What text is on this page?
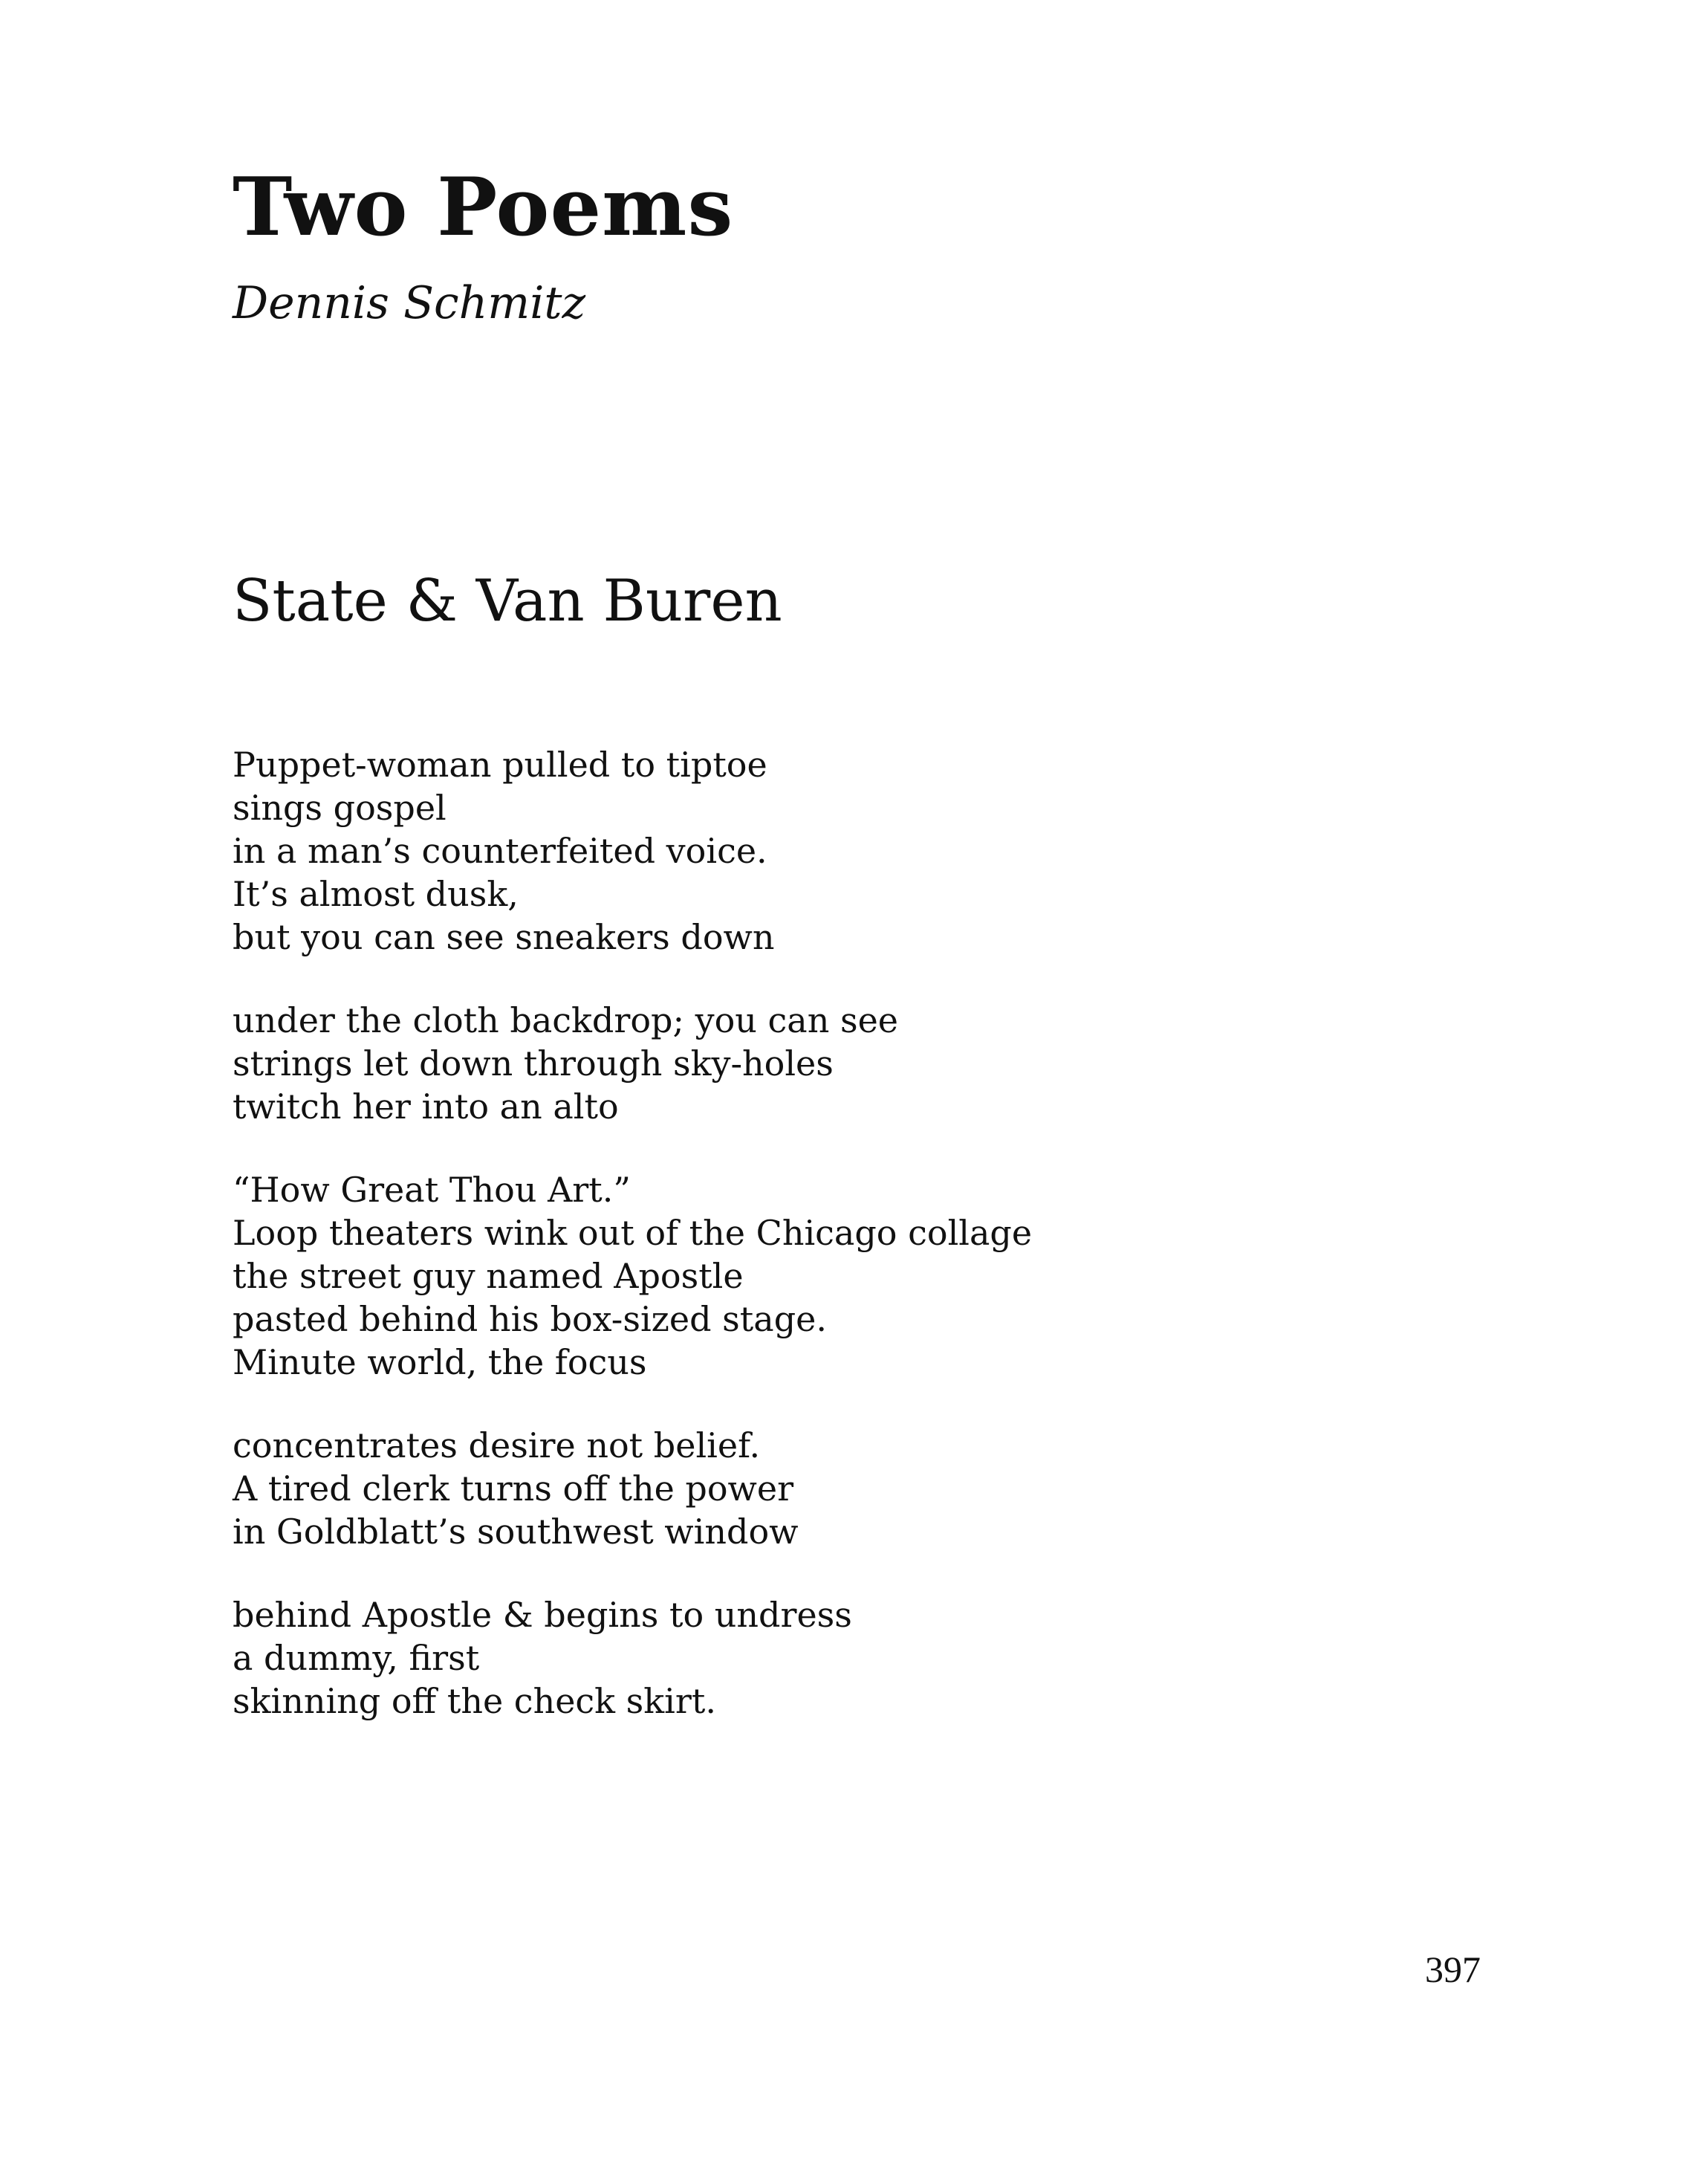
Two Poems
Dennis Schmitz
State & Van Buren
Puppet-woman pulled to tiptoe
sings gospel
in a man’s counterfeited voice.
It’s almost dusk,
but you can see sneakers down
under the cloth backdrop; you can see
strings let down through sky-holes
twitch her into an alto
“How Great Thou Art.”
Loop theaters wink out of the Chicago collage
the street guy named Apostle
pasted behind his box-sized stage.
Minute world, the focus
concentrates desire not belief.
A tired clerk turns off the power
in Goldblatt’s southwest window
behind Apostle & begins to undress
a dummy, first
skinning off the check skirt.
397
